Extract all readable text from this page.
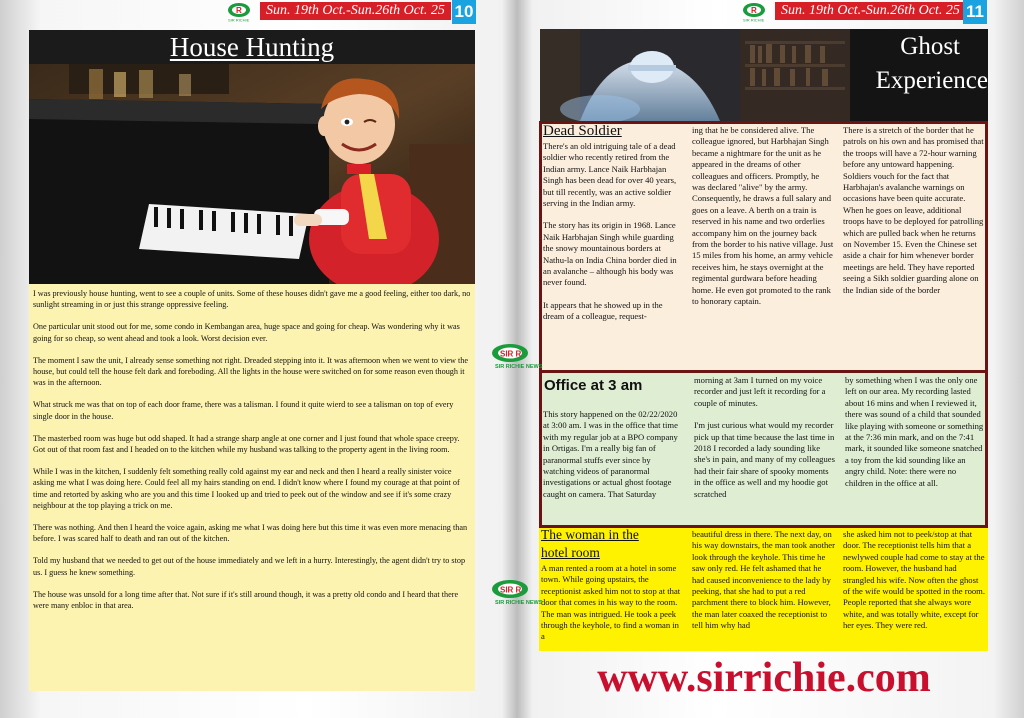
R
SIR RICHIE
Sun. 19th Oct.-Sun.26th Oct. 25 10
House Hunting

I was previously house hunting, went to see a couple of units. Some of these houses didn't gave me a good feeling, either too dark, no sunlight streaming in or just this strange oppressive feeling.

One particular unit stood out for me, some condo in Kembangan area, huge space and going for cheap. Was wondering why it was going for so cheap, so went ahead and took a look. Worst decision ever.

The moment I saw the unit, I already sense something not right. Dreaded stepping into it. It was afternoon when we went to view the house, but could tell the house felt dark and foreboding. All the lights in the house were switched on for some reason even though it was in the afternoon.

What struck me was that on top of each door frame, there was a talisman. I found it quite wierd to see a talisman on top of every single door in the house.

The masterbed room was huge but odd shaped. It had a strange sharp angle at one corner and I just found that whole space creepy. Got out of that room fast and I headed on to the kitchen while my husband was talking to the property agent in the living room.

While I was in the kitchen, I suddenly felt something really cold against my ear and neck and then I heard a really sinister voice asking me what I was doing here. Could feel all my hairs standing on end. I didn't know where I found my courage at that point of time and retorted by asking who are you and this time I looked up and tried to peek out of the window and see if it's some crazy neighbour at the top playing a trick on me.

There was nothing. And then I heard the voice again, asking me what I was doing here but this time it was even more menacing than before. I was scared half to death and ran out of the kitchen.

Told my husband that we needed to get out of the house immediately and we left in a hurry. Interestingly, the agent didn't try to stop us. I guess he knew something.

The house was unsold for a long time after that. Not sure if it's still around though, it was a pretty old condo and I heard that there were many enbloc in that area.

R
SIR RICHIE
Sun. 19th Oct.-Sun.26th Oct. 25 11
Ghost
Experience
Dead Soldier

There's an old intriguing tale of a dead soldier who recently retired from the Indian army. Lance Naik Harbhajan Singh has been dead for over 40 years, but till recently, was an active soldier serving in the Indian army.

The story has its origin in 1968. Lance Naik Harbhajan Singh while guarding the snowy mountainous borders at Nathu-la on India China border died in an avalanche – although his body was never found.

It appears that he showed up in the dream of a colleague, request-

ing that he be considered alive. The colleague ignored, but Harbhajan Singh became a nightmare for the unit as he appeared in the dreams of other colleagues and officers. Promptly, he was declared "alive" by the army. Consequently, he draws a full salary and goes on a leave. A berth on a train is reserved in his name and two orderlies accompany him on the journey back from the border to his native village. Just 15 miles from his home, an army vehicle receives him, he stays overnight at the regimental gurdwara before heading home. He even got promoted to the rank to honorary captain.

There is a stretch of the border that he patrols on his own and has promised that the troops will have a 72-hour warning before any untoward happening. Soldiers vouch for the fact that Harbhajan's avalanche warnings on occasions have been quite accurate. When he goes on leave, additional troops have to be deployed for patrolling which are pulled back when he returns on November 15. Even the Chinese set aside a chair for him whenever border meetings are held. They have reported seeing a Sikh soldier guarding alone on the Indian side of the border

Office at 3 am

This story happened on the 02/22/2020 at 3:00 am. I was in the office that time with my regular job at a BPO company in Ortigas. I'm a really big fan of paranormal stuffs ever since by watching videos of paranormal investigations or actual ghost footage caught on camera. That Saturday

morning at 3am I turned on my voice recorder and just left it recording for a couple of minutes.

I'm just curious what would my recorder pick up that time because the last time in 2018 I recorded a lady sounding like she's in pain, and many of my colleagues had their fair share of spooky moments in the office as well and my hoodie got scratched

by something when I was the only one left on our area. My recording lasted about 16 mins and when I reviewed it, there was sound of a child that sounded like playing with someone or something at the 7:36 min mark, and on the 7:41 mark, it sounded like someone snatched a toy from the kid sounding like an angry child. Note: there were no children in the office at all.

The woman in the
hotel room

A man rented a room at a hotel in some town. While going upstairs, the receptionist asked him not to stop at that door that comes in his way to the room. The man was intrigued. He took a peek through the keyhole, to find a woman in a

beautiful dress in there. The next day, on his way downstairs, the man took another look through the keyhole. This time he saw only red. He felt ashamed that he had caused inconvenience to the lady by peeking, that she had to put a red parchment there to block him. However, the man later coaxed the receptionist to tell him why had

she asked him not to peek/stop at that door. The receptionist tells him that a newlywed couple had come to stay at the room. However, the husband had strangled his wife. Now often the ghost of the wife would be spotted in the room. People reported that she always wore white, and was totally white, except for her eyes. They were red.

SIR R
SIR RICHIE NEWS
SIR R
SIR RICHIE NEWS
www.sirrichie.com
